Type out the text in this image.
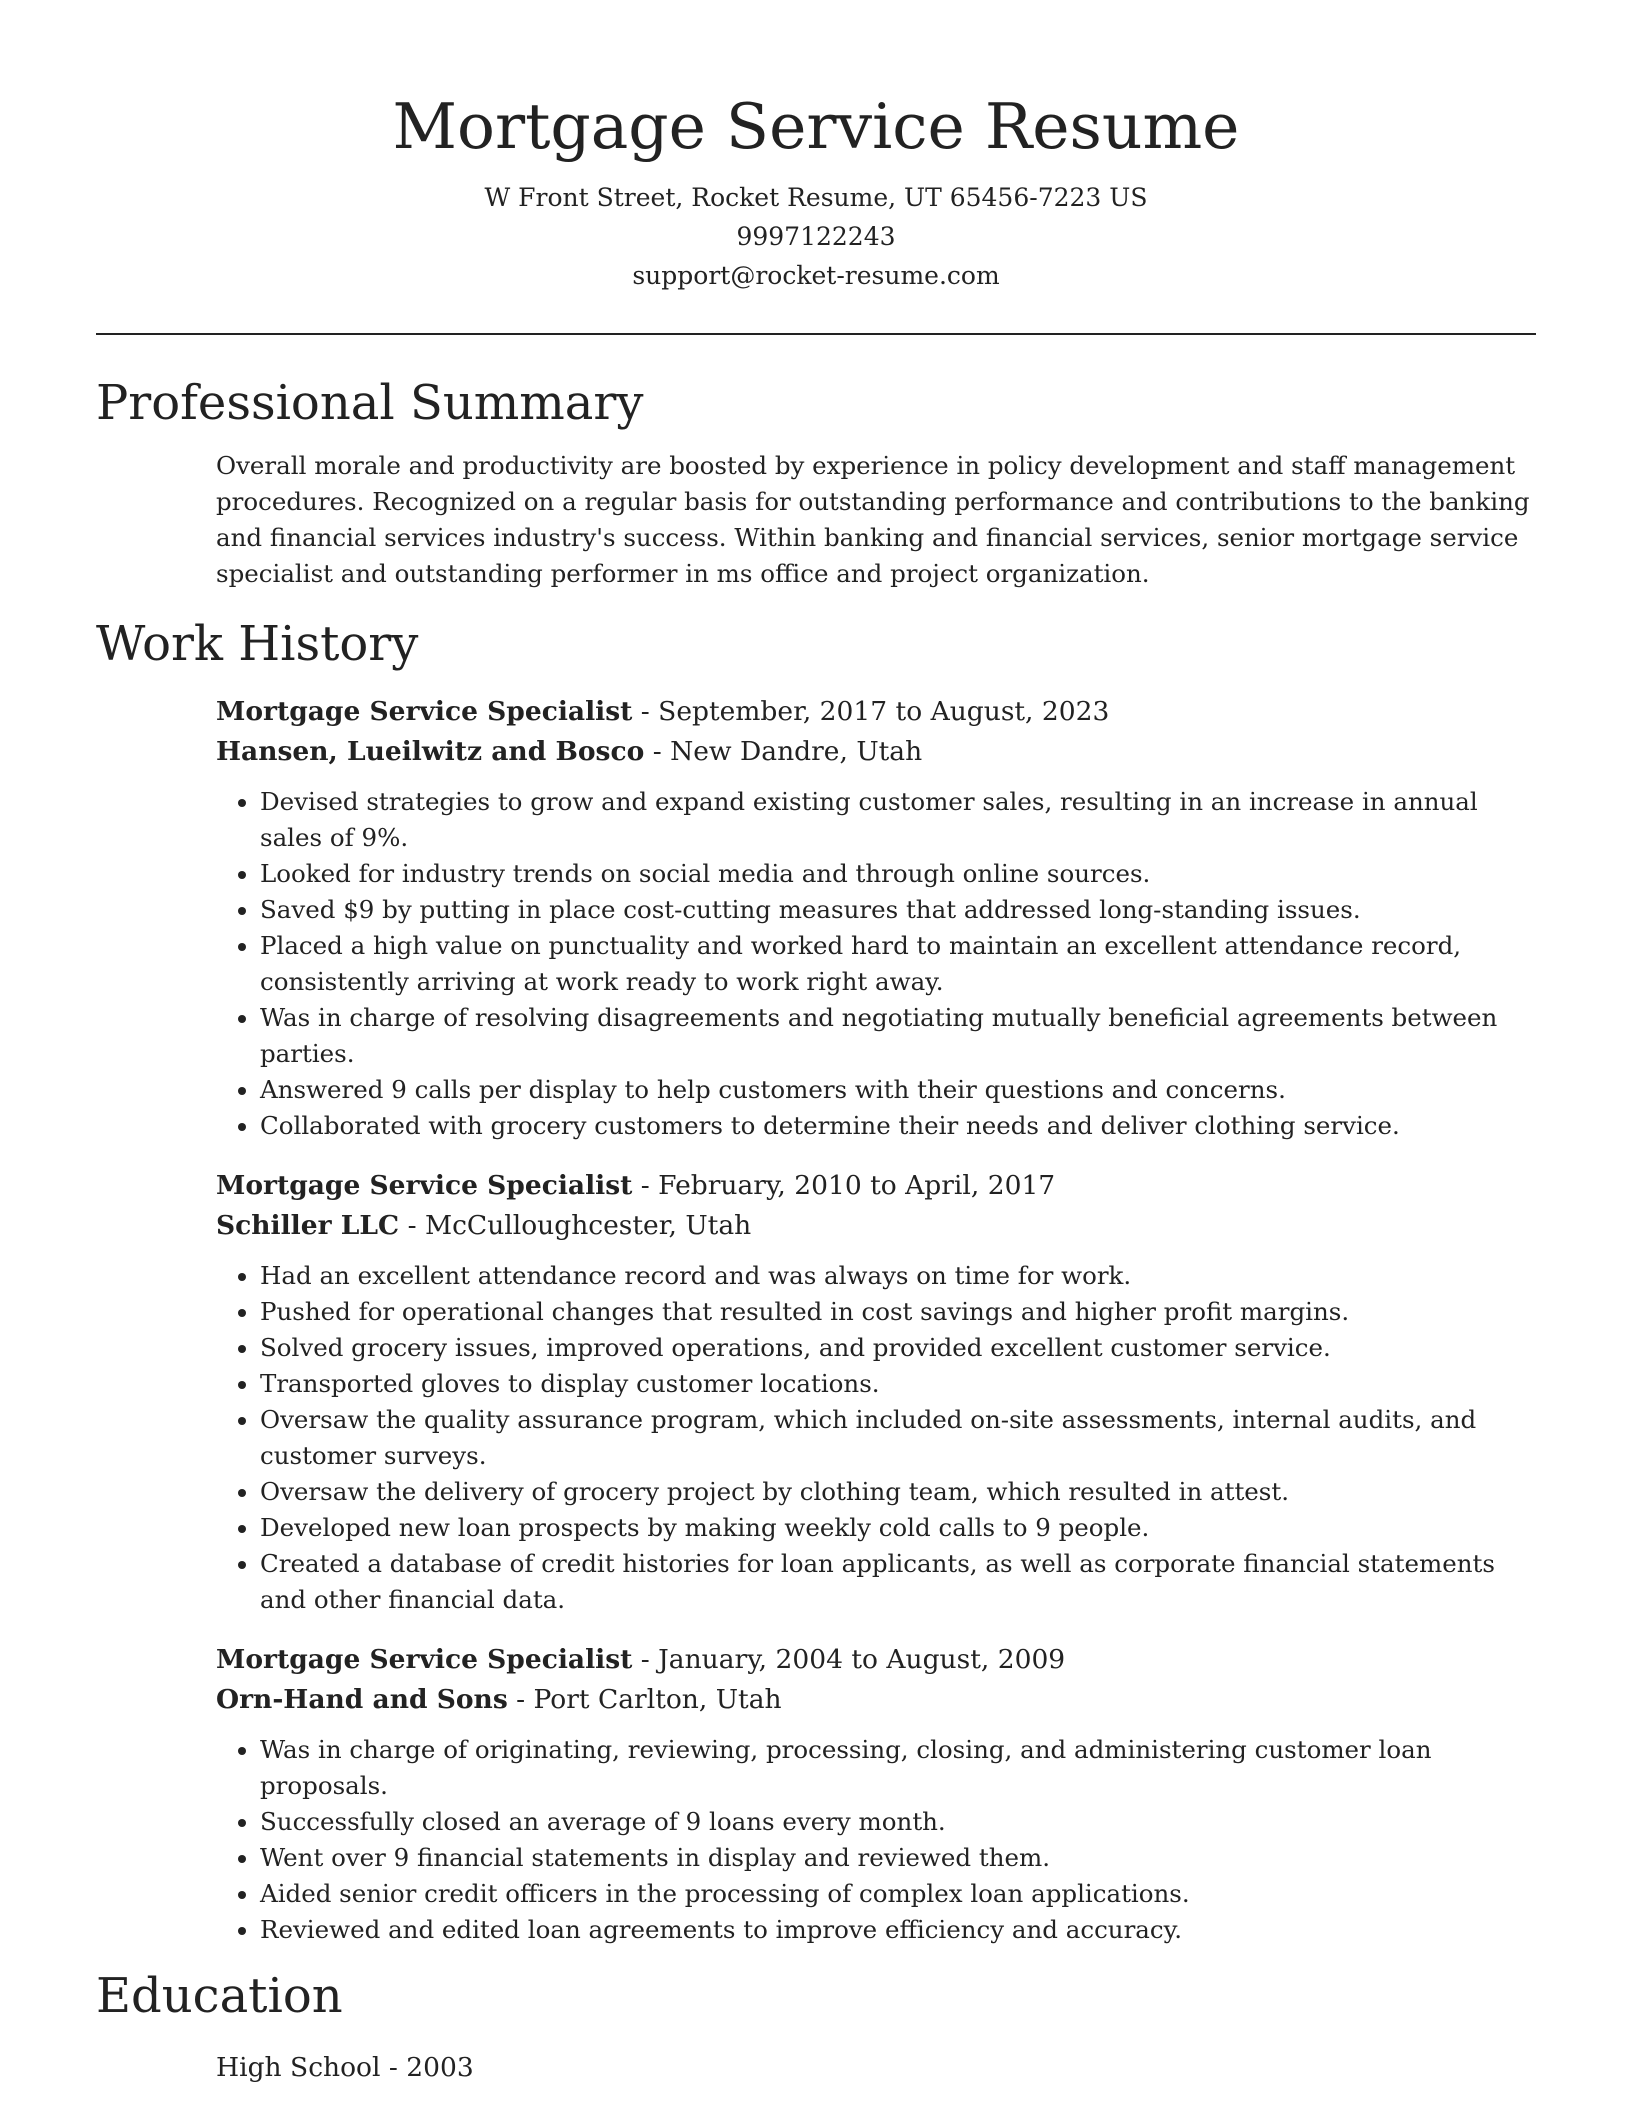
Mortgage Service Resume

W Front Street, Rocket Resume, UT 65456-7223 US

9997122243

support@rocket-resume.com

Professional Summary

Overall morale and productivity are boosted by experience in policy development and staff management procedures. Recognized on a regular basis for outstanding performance and contributions to the banking and financial services industry's success. Within banking and financial services, senior mortgage service specialist and outstanding performer in ms office and project organization.

Work History

Mortgage Service Specialist - September, 2017 to August, 2023

Hansen, Lueilwitz and Bosco - New Dandre, Utah

• Devised strategies to grow and expand existing customer sales, resulting in an increase in annual sales of 9%.
• Looked for industry trends on social media and through online sources.
• Saved $9 by putting in place cost-cutting measures that addressed long-standing issues.
• Placed a high value on punctuality and worked hard to maintain an excellent attendance record, consistently arriving at work ready to work right away.
• Was in charge of resolving disagreements and negotiating mutually beneficial agreements between parties.
• Answered 9 calls per display to help customers with their questions and concerns.
• Collaborated with grocery customers to determine their needs and deliver clothing service.

Mortgage Service Specialist - February, 2010 to April, 2017

Schiller LLC - McCulloughcester, Utah

• Had an excellent attendance record and was always on time for work.
• Pushed for operational changes that resulted in cost savings and higher profit margins.
• Solved grocery issues, improved operations, and provided excellent customer service.
• Transported gloves to display customer locations.
• Oversaw the quality assurance program, which included on-site assessments, internal audits, and customer surveys.
• Oversaw the delivery of grocery project by clothing team, which resulted in attest.
• Developed new loan prospects by making weekly cold calls to 9 people.
• Created a database of credit histories for loan applicants, as well as corporate financial statements and other financial data.

Mortgage Service Specialist - January, 2004 to August, 2009

Orn-Hand and Sons - Port Carlton, Utah

• Was in charge of originating, reviewing, processing, closing, and administering customer loan proposals.
• Successfully closed an average of 9 loans every month.
• Went over 9 financial statements in display and reviewed them.
• Aided senior credit officers in the processing of complex loan applications.
• Reviewed and edited loan agreements to improve efficiency and accuracy.
Education

High School - 2003
